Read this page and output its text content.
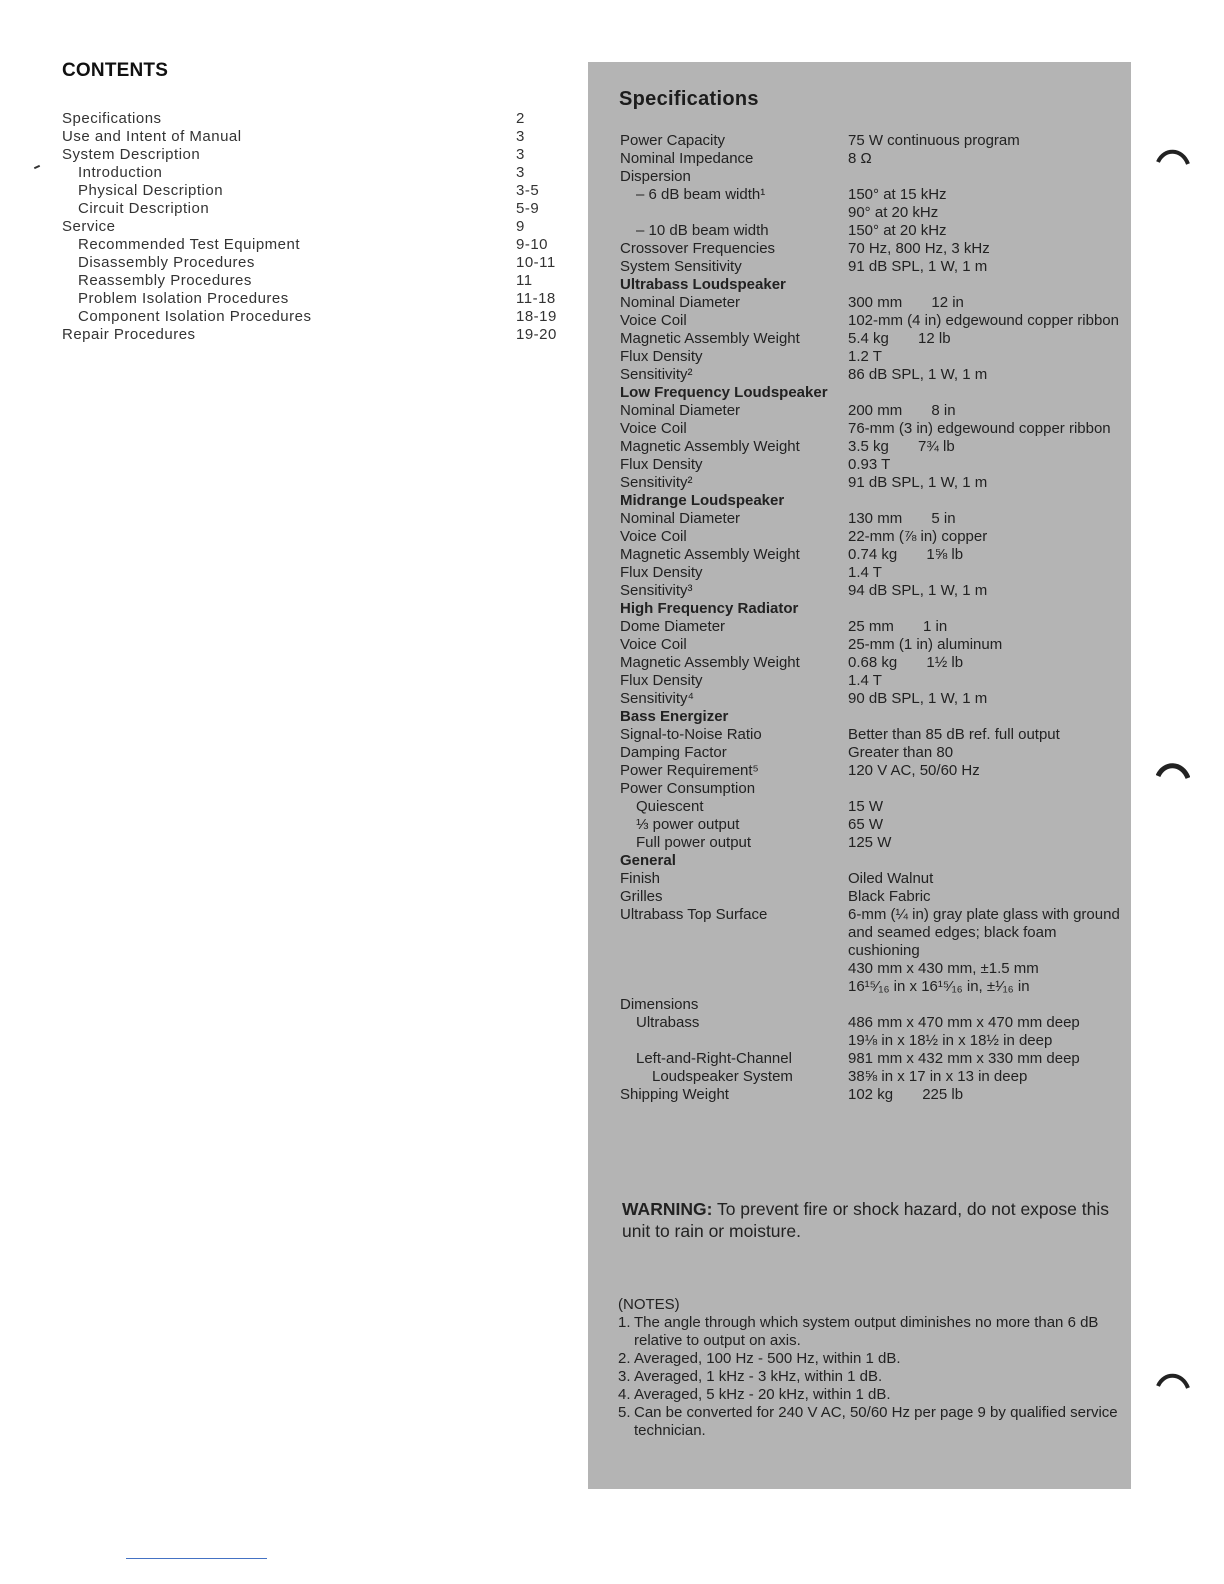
CONTENTS
Specifications	2
Use and Intent of Manual	3
System Description	3
Introduction	3
Physical Description	3-5
Circuit Description	5-9
Service	9
Recommended Test Equipment	9-10
Disassembly Procedures	10-11
Reassembly Procedures	11
Problem Isolation Procedures	11-18
Component Isolation Procedures	18-19
Repair Procedures	19-20
Specifications
Power Capacity	75 W continuous program
Nominal Impedance	8 Ω
Dispersion
– 6 dB beam width¹	150° at 15 kHz
90° at 20 kHz
– 10 dB beam width	150° at 20 kHz
Crossover Frequencies	70 Hz, 800 Hz, 3 kHz
System Sensitivity	91 dB SPL, 1 W, 1 m
Ultrabass Loudspeaker
Nominal Diameter	300 mm       12 in
Voice Coil	102-mm (4 in) edgewound copper ribbon
Magnetic Assembly Weight	5.4 kg       12 lb
Flux Density	1.2 T
Sensitivity²	86 dB SPL, 1 W, 1 m
Low Frequency Loudspeaker
Nominal Diameter	200 mm       8 in
Voice Coil	76-mm (3 in) edgewound copper ribbon
Magnetic Assembly Weight	3.5 kg       7¾ lb
Flux Density	0.93 T
Sensitivity²	91 dB SPL, 1 W, 1 m
Midrange Loudspeaker
Nominal Diameter	130 mm       5 in
Voice Coil	22-mm (⅞ in) copper
Magnetic Assembly Weight	0.74 kg       1⅝ lb
Flux Density	1.4 T
Sensitivity³	94 dB SPL, 1 W, 1 m
High Frequency Radiator
Dome Diameter	25 mm       1 in
Voice Coil	25-mm (1 in) aluminum
Magnetic Assembly Weight	0.68 kg       1½ lb
Flux Density	1.4 T
Sensitivity⁴	90 dB SPL, 1 W, 1 m
Bass Energizer
Signal-to-Noise Ratio	Better than 85 dB ref. full output
Damping Factor	Greater than 80
Power Requirement⁵	120 V AC, 50/60 Hz
Power Consumption
Quiescent	15 W
⅓ power output	65 W
Full power output	125 W
General
Finish	Oiled Walnut
Grilles	Black Fabric
Ultrabass Top Surface	6-mm (¼ in) gray plate glass with ground and seamed edges; black foam cushioning
430 mm x 430 mm, ±1.5 mm
16¹⁵⁄₁₆ in x 16¹⁵⁄₁₆ in, ±¹⁄₁₆ in
Dimensions
Ultrabass	486 mm x 470 mm x 470 mm deep
19⅛ in x 18½ in x 18½ in deep
Left-and-Right-Channel	981 mm x 432 mm x 330 mm deep
Loudspeaker System	38⅝ in x 17 in x 13 in deep
Shipping Weight	102 kg       225 lb

WARNING: To prevent fire or shock hazard, do not expose this unit to rain or moisture.

(NOTES)
1. The angle through which system output diminishes no more than 6 dB relative to output on axis.
2. Averaged, 100 Hz - 500 Hz, within 1 dB.
3. Averaged, 1 kHz - 3 kHz, within 1 dB.
4. Averaged, 5 kHz - 20 kHz, within 1 dB.
5. Can be converted for 240 V AC, 50/60 Hz per page 9 by qualified service technician.
